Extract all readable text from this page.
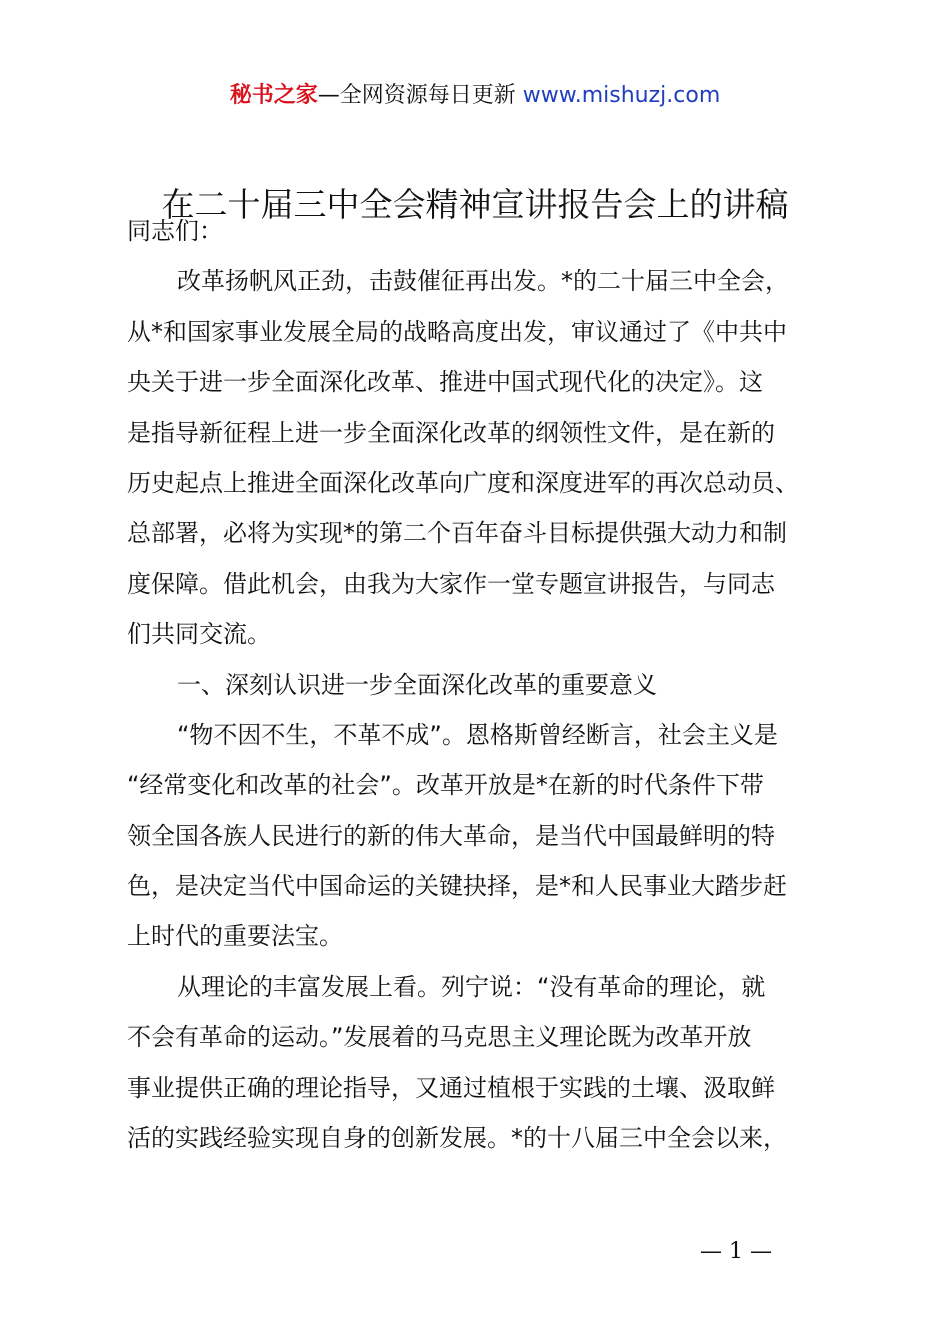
秘书之家—全网资源每日更新 www.mishuzj.com
在二十届三中全会精神宣讲报告会上的讲稿
同志们：
改革扬帆风正劲，击鼓催征再出发。*的二十届三中全会，
从*和国家事业发展全局的战略高度出发，审议通过了《中共中
央关于进一步全面深化改革、推进中国式现代化的决定》。这
是指导新征程上进一步全面深化改革的纲领性文件，是在新的
历史起点上推进全面深化改革向广度和深度进军的再次总动员、
总部署，必将为实现*的第二个百年奋斗目标提供强大动力和制
度保障。借此机会，由我为大家作一堂专题宣讲报告，与同志
们共同交流。
一、深刻认识进一步全面深化改革的重要意义
“物不因不生，不革不成”。恩格斯曾经断言，社会主义是
“经常变化和改革的社会”。改革开放是*在新的时代条件下带
领全国各族人民进行的新的伟大革命，是当代中国最鲜明的特
色，是决定当代中国命运的关键抉择，是*和人民事业大踏步赶
上时代的重要法宝。
从理论的丰富发展上看。列宁说：“没有革命的理论，就
不会有革命的运动。”发展着的马克思主义理论既为改革开放
事业提供正确的理论指导，又通过植根于实践的土壤、汲取鲜
活的实践经验实现自身的创新发展。*的十八届三中全会以来，
— 1 —
